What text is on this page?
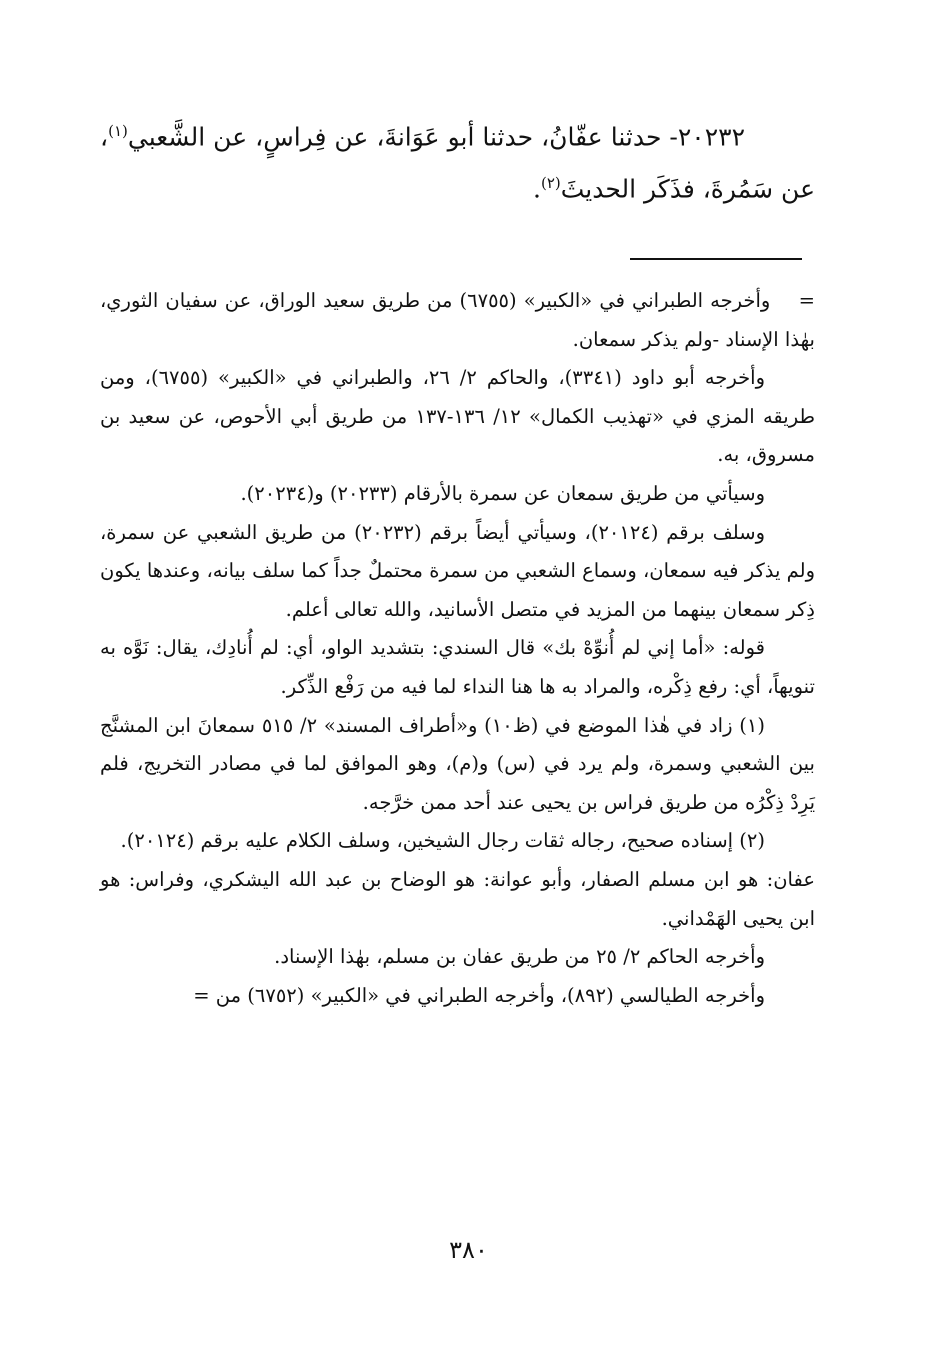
٢٠٢٣٢- حدثنا عفّانُ، حدثنا أبو عَوَانةَ، عن فِراسٍ، عن الشَّعبي$^{(١)}$، عن سَمُرةَ، فذَكَر الحديثَ$^{(٢)}$.

=    وأخرجه الطبراني في «الكبير» (٦٧٥٥) من طريق سعيد الوراق، عن سفيان الثوري، بهٰذا الإسناد -ولم يذكر سمعان.

وأخرجه أبو داود (٣٣٤١)، والحاكم ٢/ ٢٦، والطبراني في «الكبير» (٦٧٥٥)، ومن طريقه المزي في «تهذيب الكمال» ١٢/ ١٣٦-١٣٧ من طريق أبي الأحوص، عن سعيد بن مسروق، به.

وسيأتي من طريق سمعان عن سمرة بالأرقام (٢٠٢٣٣) و(٢٠٢٣٤).

وسلف برقم (٢٠١٢٤)، وسيأتي أيضاً برقم (٢٠٢٣٢) من طريق الشعبي عن سمرة، ولم يذكر فيه سمعان، وسماع الشعبي من سمرة محتملٌ جداً كما سلف بيانه، وعندها يكون ذِكر سمعان بينهما من المزيد في متصل الأسانيد، والله تعالى أعلم.

قوله: «أما إني لم أُنوِّهْ بك» قال السندي: بتشديد الواو، أي: لم أُنادِك، يقال: نَوَّه به تنويهاً، أي: رفع ذِكْره، والمراد به ها هنا النداء لما فيه من رَفْع الذِّكر.

(١) زاد في هٰذا الموضع في (ظ١٠) و«أطراف المسند» ٢/ ٥١٥ سمعانَ ابن المشنَّج بين الشعبي وسمرة، ولم يرد في (س) و(م)، وهو الموافق لما في مصادر التخريج، فلم يَرِدْ ذِكْرُه من طريق فراس بن يحيى عند أحد ممن خرَّجه.

(٢) إسناده صحيح، رجاله ثقات رجال الشيخين، وسلف الكلام عليه برقم (٢٠١٢٤).

عفان: هو ابن مسلم الصفار، وأبو عوانة: هو الوضاح بن عبد الله اليشكري، وفراس: هو ابن يحيى الهَمْداني.

وأخرجه الحاكم ٢/ ٢٥ من طريق عفان بن مسلم، بهٰذا الإسناد.

وأخرجه الطيالسي (٨٩٢)، وأخرجه الطبراني في «الكبير» (٦٧٥٢) من =

٣٨٠
